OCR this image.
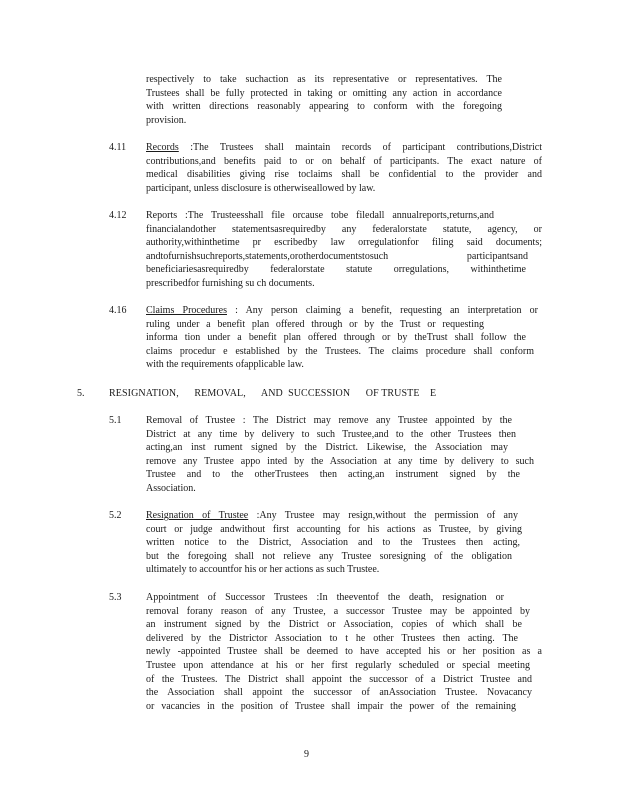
respectively to take suchaction as its representative or representatives. The
Trustees shall be fully protected in taking or omitting any action in accordance
with written directions reasonably appearing to conform with the foregoing
provision.
4.11 Records :The Trustees shall maintain records of participant contributions,District
contributions,and benefits paid to or on behalf of participants. The exact nature of
medical disabilities giving rise toclaims shall be confidential to the provider and
participant, unless disclosure is otherwiseallowed by law.
4.12 Reports :The Trusteesshall file orcause tobe filedall annualreports,returns,and
financialandother statementsasrequiredby any federalorstate statute, agency, or
authority,withinthetime pr escribedby law orregulationfor filing said documents;
andtofurnishsuchreports,statements,orotherdocumentstosuch participantsand
beneficiariesasrequiredby federalorstate statute orregulations, withinthetime
prescribedfor furnishing su ch documents.
4.16 Claims Procedures : Any person claiming a benefit, requesting an interpretation or
ruling under a benefit plan offered through or by the Trust or requesting
informa tion under a benefit plan offered through or by theTrust shall follow the
claims procedur e established by the Trustees. The claims procedure shall conform
with the requirements ofapplicable law.
5. RESIGNATION,      REMOVAL,      AND  SUCCESSION      OF TRUSTE    E
5.1 Removal of Trustee : The District may remove any Trustee appointed by the
District at any time by delivery to such Trustee,and to the other Trustees then
acting,an inst rument signed by the District. Likewise, the Association may
remove any Trustee appo inted by the Association at any time by delivery to such
Trustee and to the otherTrustees then acting,an instrument signed by the
Association.
5.2 Resignation of Trustee :Any Trustee may resign,without the permission of any
court or judge andwithout first accounting for his actions as Trustee, by giving
written notice to the District, Association and to the Trustees then acting,
but the foregoing shall not relieve any Trustee soresigning of the obligation
ultimately to accountfor his or her actions as such Trustee.
5.3 Appointment of Successor Trustees :In theeventof the death, resignation or
removal forany reason of any Trustee, a successor Trustee may be appointed by
an instrument signed by the District or Association, copies of which shall be
delivered by the Districtor Association to t he other Trustees then acting. The
newly -appointed Trustee shall be deemed to have accepted his or her position as a
Trustee upon attendance at his or her first regularly scheduled or special meeting
of the Trustees. The District shall appoint the successor of a District Trustee and
the Association shall appoint the successor of anAssociation Trustee. Novacancy
or vacancies in the position of Trustee shall impair the power of the remaining
9
